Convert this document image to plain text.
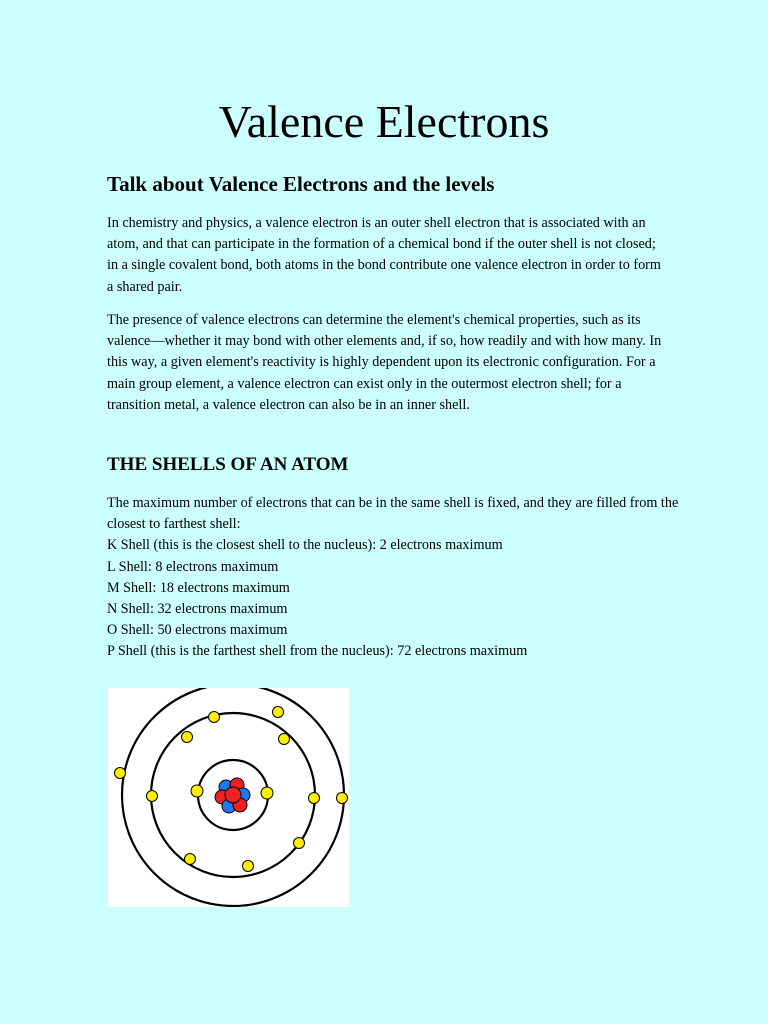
Valence Electrons
Talk about Valence Electrons and the levels

In chemistry and physics, a valence electron is an outer shell electron that is associated with an atom, and that can participate in the formation of a chemical bond if the outer shell is not closed; in a single covalent bond, both atoms in the bond contribute one valence electron in order to form a shared pair.

The presence of valence electrons can determine the element's chemical properties, such as its valence—whether it may bond with other elements and, if so, how readily and with how many. In this way, a given element's reactivity is highly dependent upon its electronic configuration. For a main group element, a valence electron can exist only in the outermost electron shell; for a transition metal, a valence electron can also be in an inner shell.

THE SHELLS OF AN ATOM
The maximum number of electrons that can be in the same shell is fixed, and they are filled from the closest to farthest shell:
K Shell (this is the closest shell to the nucleus): 2 electrons maximum
L Shell: 8 electrons maximum
M Shell: 18 electrons maximum
N Shell: 32 electrons maximum
O Shell: 50 electrons maximum
P Shell (this is the farthest shell from the nucleus): 72 electrons maximum
